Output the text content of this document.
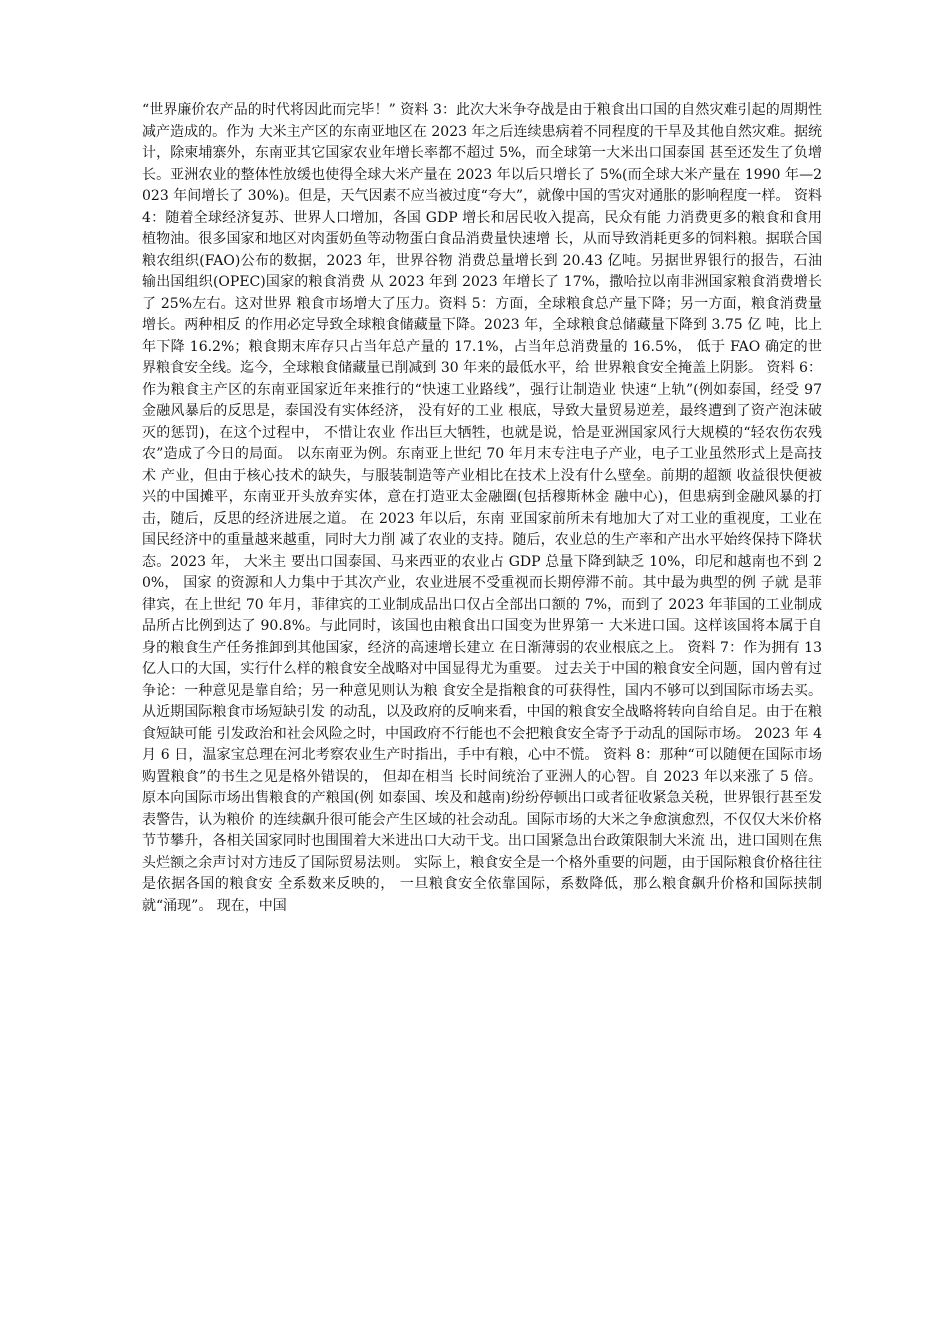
“世界廉价农产品的时代将因此而完毕！” 资料 3：此次大米争夺战是由于粮食出口国的自然灾难引起的周期性减产造成的。作为 大米主产区的东南亚地区在 2023 年之后连续患病着不同程度的干旱及其他自然灾难。据统 计，除柬埔寨外，东南亚其它国家农业年增长率都不超过 5%，而全球第一大米出口国泰国 甚至还发生了负增长。亚洲农业的整体性放缓也使得全球大米产量在 2023 年以后只增长了 5%(而全球大米产量在 1990 年—2023 年间增长了 30%)。但是，天气因素不应当被过度“夸大”，就像中国的雪灾对通胀的影响程度一样。 资料 4：随着全球经济复苏、世界人口增加，各国 GDP 增长和居民收入提高，民众有能 力消费更多的粮食和食用植物油。很多国家和地区对肉蛋奶鱼等动物蛋白食品消费量快速增 长，从而导致消耗更多的饲料粮。据联合国粮农组织(FAO)公布的数据，2023 年，世界谷物 消费总量增长到 20.43 亿吨。另据世界银行的报告，石油输出国组织(OPEC)国家的粮食消费 从 2023 年到 2023 年增长了 17%，撒哈拉以南非洲国家粮食消费增长了 25%左右。这对世界 粮食市场增大了压力。资料 5：方面，全球粮食总产量下降；另一方面，粮食消费量增长。两种相反 的作用必定导致全球粮食储藏量下降。2023 年，全球粮食总储藏量下降到 3.75 亿 吨，比上年下降 16.2%；粮食期末库存只占当年总产量的 17.1%，占当年总消费量的 16.5%， 低于 FAO 确定的世界粮食安全线。迄今，全球粮食储藏量已削减到 30 年来的最低水平，给 世界粮食安全掩盖上阴影。 资料 6：作为粮食主产区的东南亚国家近年来推行的“快速工业路线”，强行让制造业 快速“上轨”(例如泰国，经受 97 金融风暴后的反思是，泰国没有实体经济， 没有好的工业 根底，导致大量贸易逆差，最终遭到了资产泡沫破灭的惩罚)，在这个过程中， 不惜让农业 作出巨大牺牲，也就是说，恰是亚洲国家风行大规模的“轻农伤农残农”造成了今日的局面。 以东南亚为例。东南亚上世纪 70 年月末专注电子产业，电子工业虽然形式上是高技术 产业，但由于核心技术的缺失，与服装制造等产业相比在技术上没有什么壁垒。前期的超额 收益很快便被兴的中国摊平，东南亚开头放弃实体，意在打造亚太金融圈(包括穆斯林金 融中心)，但患病到金融风暴的打击，随后，反思的经济进展之道。 在 2023 年以后，东南 亚国家前所未有地加大了对工业的重视度，工业在国民经济中的重量越来越重，同时大力削 减了农业的支持。随后，农业总的生产率和产出水平始终保持下降状态。2023 年， 大米主 要出口国泰国、马来西亚的农业占 GDP 总量下降到缺乏 10%，印尼和越南也不到 20%， 国家 的资源和人力集中于其次产业，农业进展不受重视而长期停滞不前。其中最为典型的例 子就 是菲律宾，在上世纪 70 年月，菲律宾的工业制成品出口仅占全部出口额的 7%，而到了 2023 年菲国的工业制成品所占比例到达了 90.8%。与此同时，该国也由粮食出口国变为世界第一 大米进口国。这样该国将本属于自身的粮食生产任务推卸到其他国家，经济的高速增长建立 在日渐薄弱的农业根底之上。 资料 7：作为拥有 13 亿人口的大国，实行什么样的粮食安全战略对中国显得尤为重要。 过去关于中国的粮食安全问题，国内曾有过争论：一种意见是靠自给；另一种意见则认为粮 食安全是指粮食的可获得性，国内不够可以到国际市场去买。从近期国际粮食市场短缺引发 的动乱，以及政府的反响来看，中国的粮食安全战略将转向自给自足。由于在粮食短缺可能 引发政治和社会风险之时，中国政府不行能也不会把粮食安全寄予于动乱的国际市场。 2023 年 4 月 6 日，温家宝总理在河北考察农业生产时指出，手中有粮，心中不慌。 资料 8：那种“可以随便在国际市场购置粮食”的书生之见是格外错误的， 但却在相当 长时间统治了亚洲人的心智。自 2023 年以来涨了 5 倍。原本向国际市场出售粮食的产粮国(例 如泰国、埃及和越南)纷纷停顿出口或者征收紧急关税，世界银行甚至发表警告，认为粮价 的连续飙升很可能会产生区域的社会动乱。国际市场的大米之争愈演愈烈，不仅仅大米价格 节节攀升，各相关国家同时也围围着大米进出口大动干戈。出口国紧急出台政策限制大米流 出，进口国则在焦头烂额之余声讨对方违反了国际贸易法则。 实际上，粮食安全是一个格外重要的问题，由于国际粮食价格往往是依据各国的粮食安 全系数来反映的， 一旦粮食安全依靠国际，系数降低，那么粮食飙升价格和国际挟制就“涌现”。 现在，中国
